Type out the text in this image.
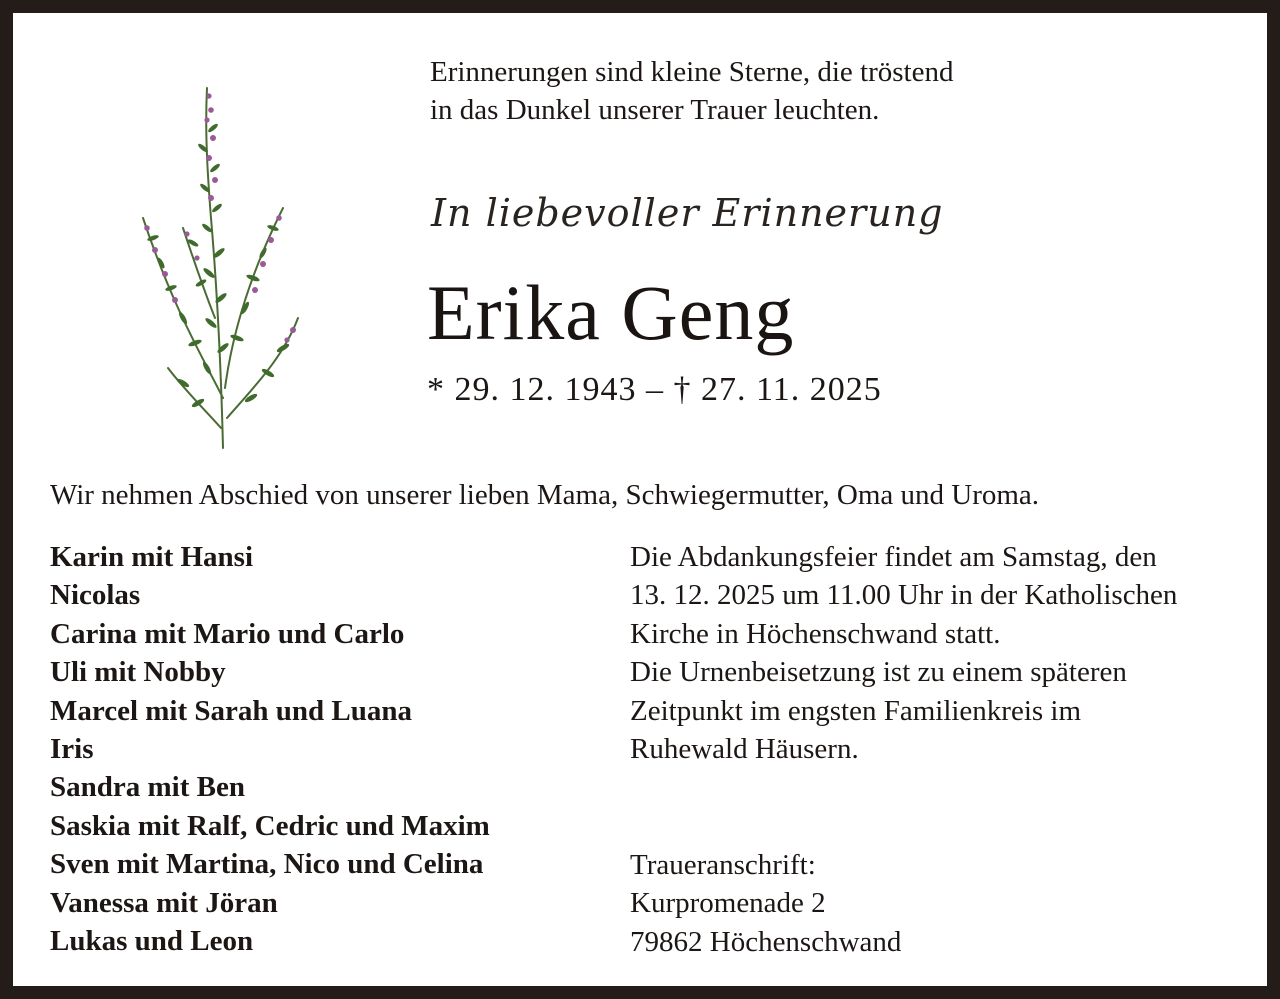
Erinnerungen sind kleine Sterne, die tröstend
in das Dunkel unserer Trauer leuchten.
In liebevoller Erinnerung
Erika Geng
* 29. 12. 1943 – † 27. 11. 2025
Wir nehmen Abschied von unserer lieben Mama, Schwiegermutter, Oma und Uroma.
Karin mit Hansi
Nicolas
Carina mit Mario und Carlo
Uli mit Nobby
Marcel mit Sarah und Luana
Iris
Sandra mit Ben
Saskia mit Ralf, Cedric und Maxim
Sven mit Martina, Nico und Celina
Vanessa mit Jöran
Lukas und Leon
Die Abdankungsfeier findet am Samstag, den
13. 12. 2025 um 11.00 Uhr in der Katholischen
Kirche in Höchenschwand statt.
Die Urnenbeisetzung ist zu einem späteren
Zeitpunkt im engsten Familienkreis im
Ruhewald Häusern.
Traueranschrift:
Kurpromenade 2
79862 Höchenschwand
